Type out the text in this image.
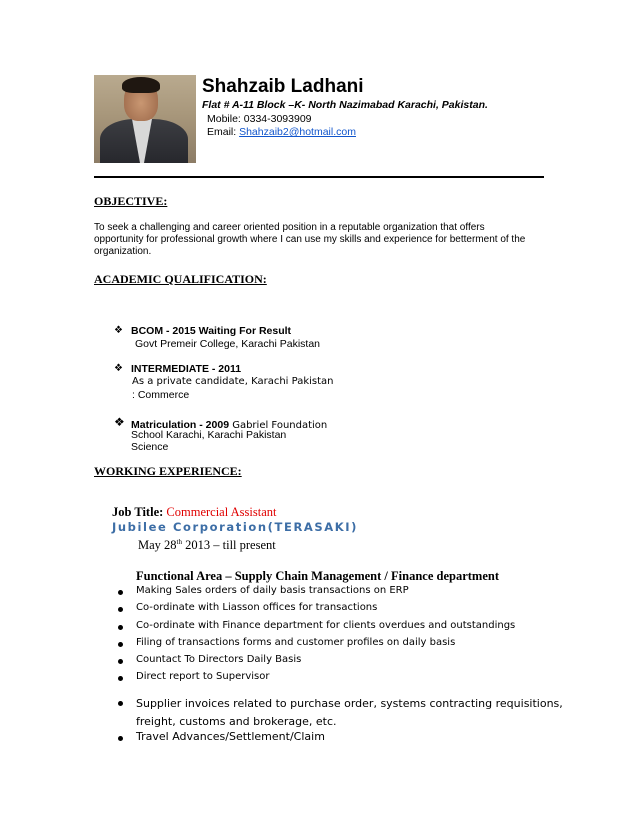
Shahzaib Ladhani
Flat # A-11 Block –K- North Nazimabad Karachi, Pakistan.
Mobile: 0334-3093909
Email: Shahzaib2@hotmail.com
OBJECTIVE:
To seek a challenging and career oriented position in a reputable organization that offers
opportunity for professional growth where I can use my skills and experience for betterment of the
organization.
ACADEMIC QUALIFICATION:
❖ BCOM - 2015 Waiting For Result
Govt Premeir College, Karachi Pakistan
❖ INTERMEDIATE - 2011
As a private candidate, Karachi Pakistan
: Commerce
❖ Matriculation - 2009 Gabriel Foundation
School Karachi, Karachi Pakistan
Science
WORKING EXPERIENCE:
Job Title: Commercial Assistant
Jubilee Corporation(TERASAKI)
May 28th 2013 – till present
Functional Area – Supply Chain Management / Finance department
Making Sales orders of daily basis transactions on ERP
Co-ordinate with Liasson offices for transactions
Co-ordinate with Finance department for clients overdues and outstandings
Filing of transactions forms and customer profiles on daily basis
Countact To Directors Daily Basis
Direct report to Supervisor
Supplier invoices related to purchase order, systems contracting requisitions,
freight, customs and brokerage, etc.
Travel Advances/Settlement/Claim
